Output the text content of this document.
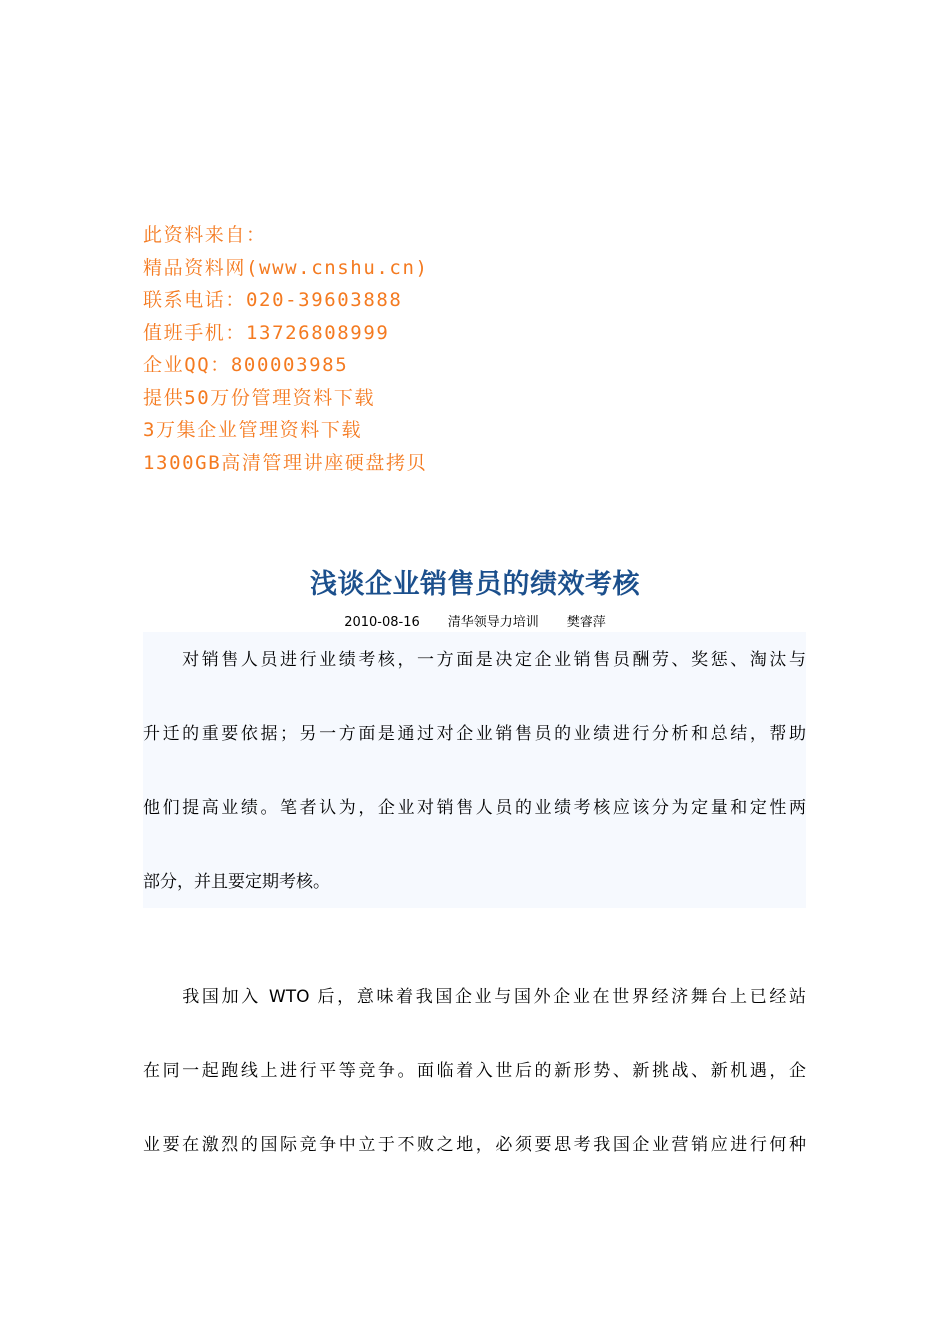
此资料来自：
精品资料网(www.cnshu.cn)
联系电话：020-39603888
值班手机：13726808999
企业QQ：800003985
提供50万份管理资料下载
3万集企业管理资料下载
1300GB高清管理讲座硬盘拷贝
浅谈企业销售员的绩效考核
2010-08-16 清华领导力培训 樊睿萍
　　对销售人员进行业绩考核，一方面是决定企业销售员酬劳、奖惩、淘汰与
升迁的重要依据；另一方面是通过对企业销售员的业绩进行分析和总结，帮助
他们提高业绩。笔者认为，企业对销售人员的业绩考核应该分为定量和定性两
部分，并且要定期考核。
　　我国加入 WTO 后，意味着我国企业与国外企业在世界经济舞台上已经站
在同一起跑线上进行平等竞争。面临着入世后的新形势、新挑战、新机遇，企
业要在激烈的国际竞争中立于不败之地，必须要思考我国企业营销应进行何种
